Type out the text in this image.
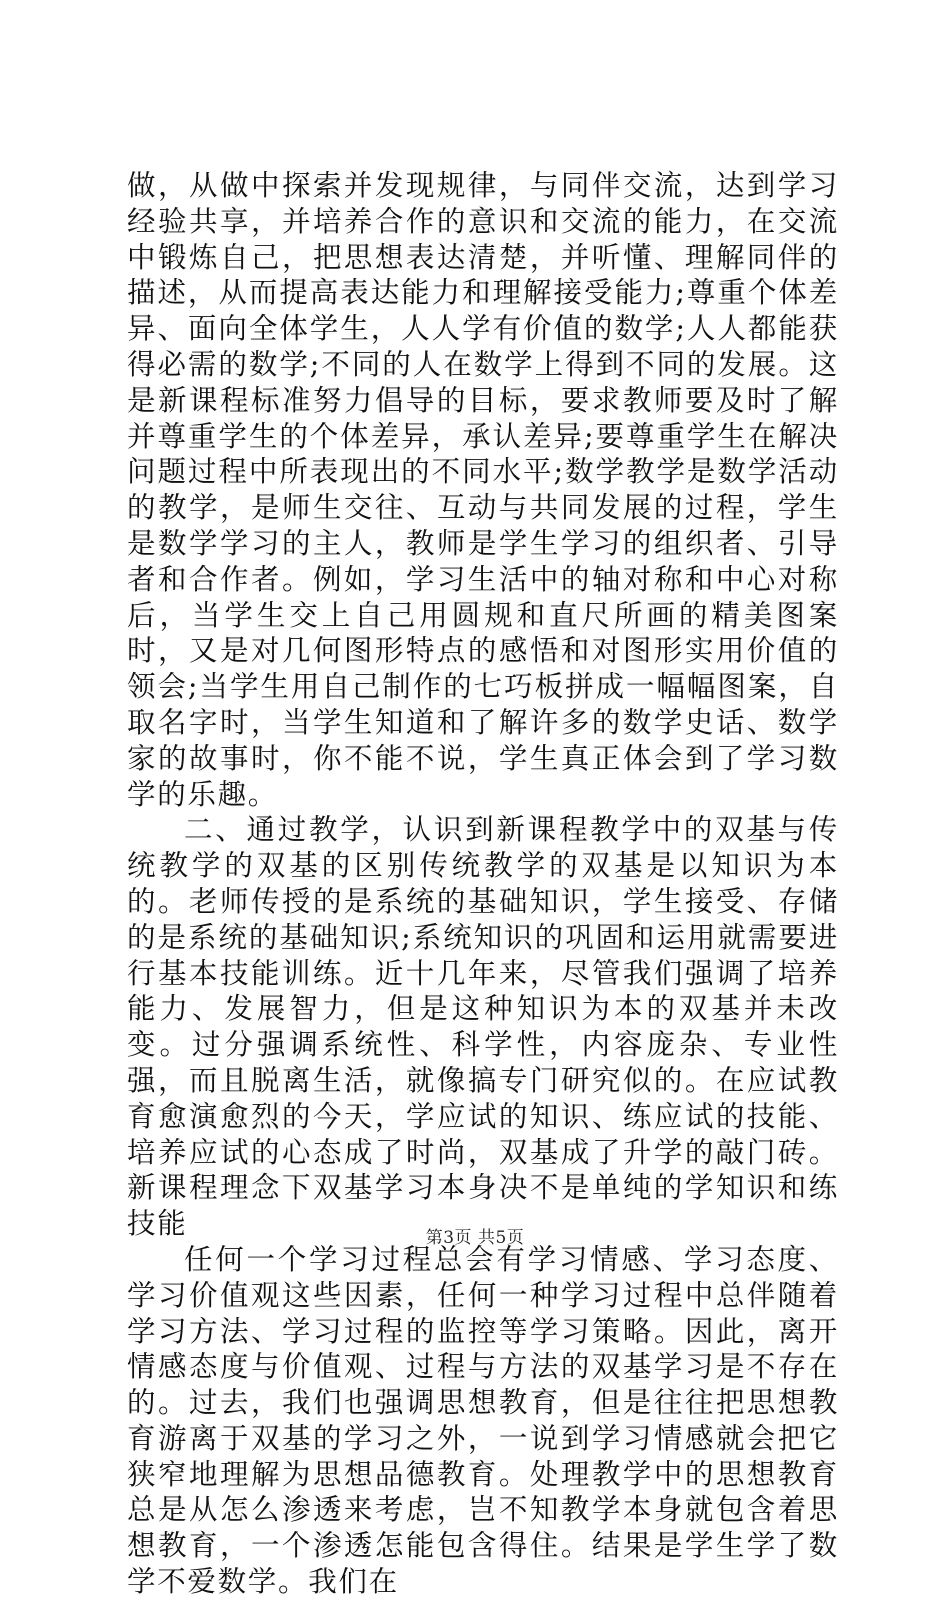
做，从做中探索并发现规律，与同伴交流，达到学习经验共享，并培养合作的意识和交流的能力，在交流中锻炼自己，把思想表达清楚，并听懂、理解同伴的描述，从而提高表达能力和理解接受能力;尊重个体差异、面向全体学生，人人学有价值的数学;人人都能获得必需的数学;不同的人在数学上得到不同的发展。这是新课程标准努力倡导的目标，要求教师要及时了解并尊重学生的个体差异，承认差异;要尊重学生在解决问题过程中所表现出的不同水平;数学教学是数学活动的教学，是师生交往、互动与共同发展的过程，学生是数学学习的主人，教师是学生学习的组织者、引导者和合作者。例如，学习生活中的轴对称和中心对称后，当学生交上自己用圆规和直尺所画的精美图案时，又是对几何图形特点的感悟和对图形实用价值的领会;当学生用自己制作的七巧板拼成一幅幅图案，自取名字时，当学生知道和了解许多的数学史话、数学家的故事时，你不能不说，学生真正体会到了学习数学的乐趣。

二、通过教学，认识到新课程教学中的双基与传统教学的双基的区别传统教学的双基是以知识为本的。老师传授的是系统的基础知识，学生接受、存储的是系统的基础知识;系统知识的巩固和运用就需要进行基本技能训练。近十几年来，尽管我们强调了培养能力、发展智力，但是这种知识为本的双基并未改变。过分强调系统性、科学性，内容庞杂、专业性强，而且脱离生活，就像搞专门研究似的。在应试教育愈演愈烈的今天，学应试的知识、练应试的技能、培养应试的心态成了时尚，双基成了升学的敲门砖。新课程理念下双基学习本身决不是单纯的学知识和练技能

任何一个学习过程总会有学习情感、学习态度、学习价值观这些因素，任何一种学习过程中总伴随着学习方法、学习过程的监控等学习策略。因此，离开情感态度与价值观、过程与方法的双基学习是不存在的。过去，我们也强调思想教育，但是往往把思想教育游离于双基的学习之外，一说到学习情感就会把它狭窄地理解为思想品德教育。处理教学中的思想教育总是从怎么渗透来考虑，岂不知教学本身就包含着思想教育，一个渗透怎能包含得住。结果是学生学了数学不爱数学。我们在

第3页 共5页
